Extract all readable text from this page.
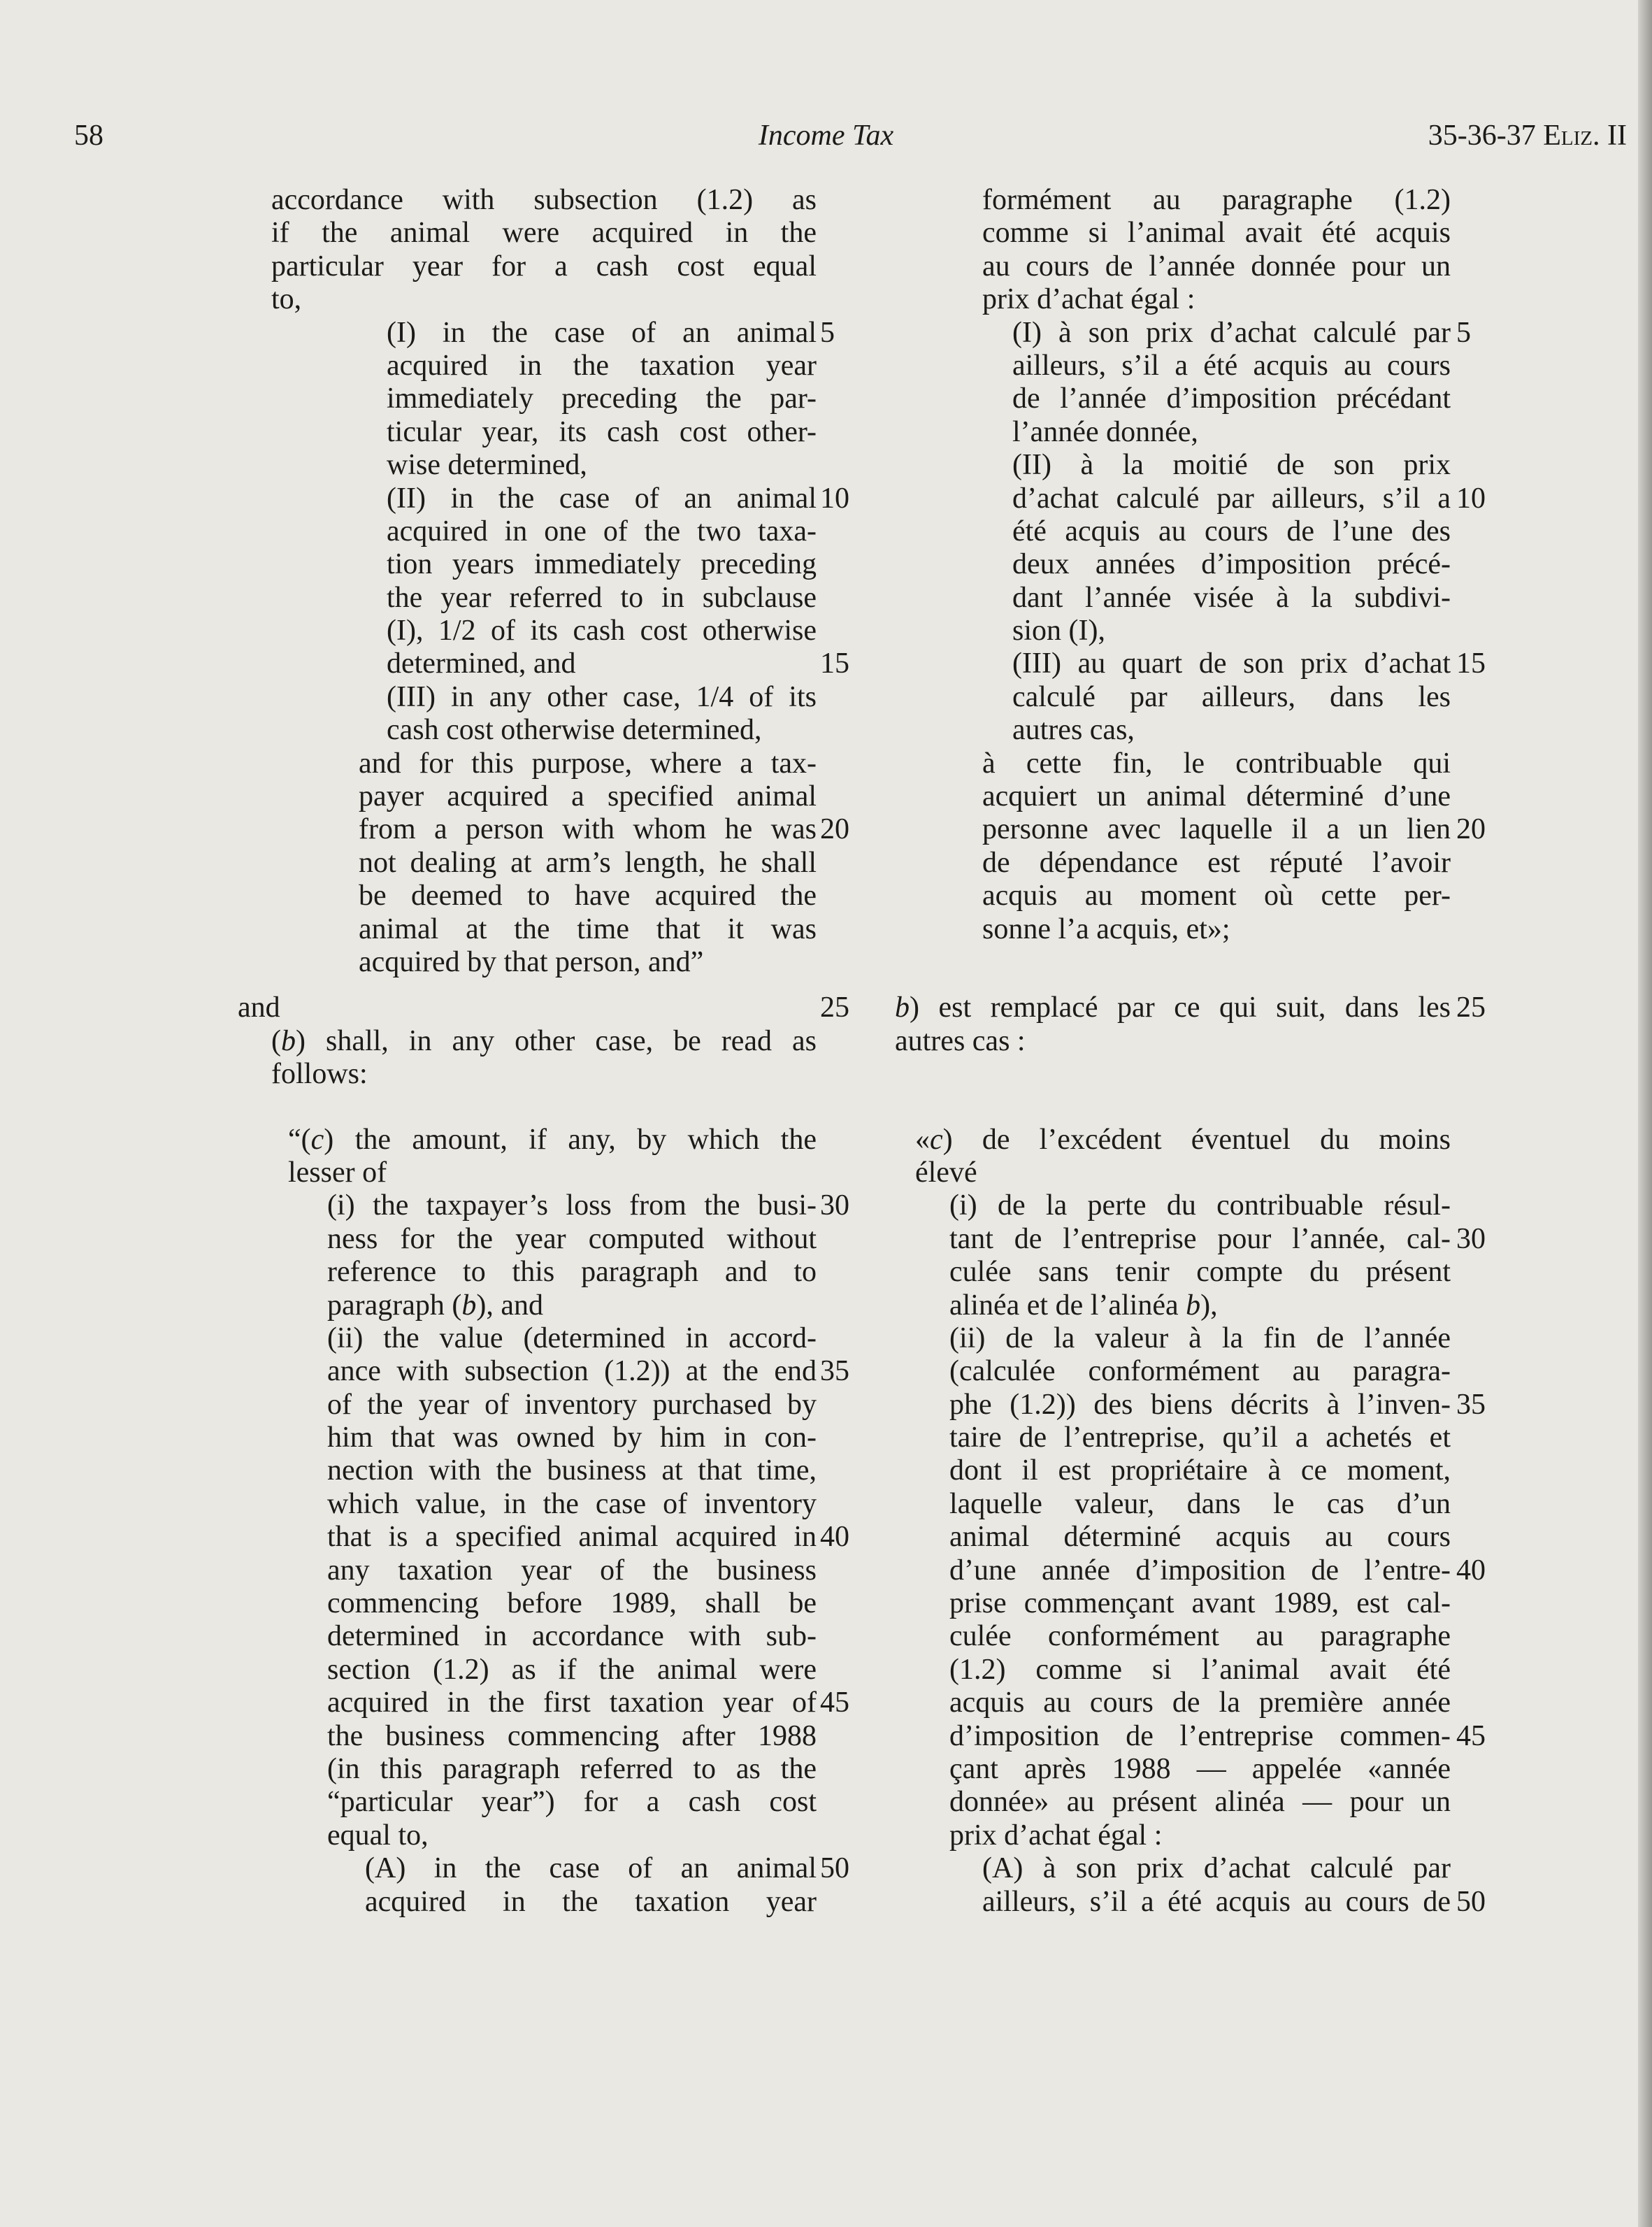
58	Income Tax	35-36-37 Eliz. II
accordance with subsection (1.2) as
if the animal were acquired in the
particular year for a cash cost equal
to,
(I) in the case of an animal 5
acquired in the taxation year
immediately preceding the par-
ticular year, its cash cost other-
wise determined,
(II) in the case of an animal 10
acquired in one of the two taxa-
tion years immediately preceding
the year referred to in subclause
(I), 1/2 of its cash cost otherwise
determined, and	15
(III) in any other case, 1/4 of its
cash cost otherwise determined,
and for this purpose, where a tax-
payer acquired a specified animal
from a person with whom he was 20
not dealing at arm’s length, he shall
be deemed to have acquired the
animal at the time that it was
acquired by that person, and”
and	25
(b) shall, in any other case, be read as
follows:
“(c) the amount, if any, by which the
lesser of
(i) the taxpayer’s loss from the busi- 30
ness for the year computed without
reference to this paragraph and to
paragraph (b), and
(ii) the value (determined in accord-
ance with subsection (1.2)) at the end 35
of the year of inventory purchased by
him that was owned by him in con-
nection with the business at that time,
which value, in the case of inventory
that is a specified animal acquired in 40
any taxation year of the business
commencing before 1989, shall be
determined in accordance with sub-
section (1.2) as if the animal were
acquired in the first taxation year of 45
the business commencing after 1988
(in this paragraph referred to as the
“particular year”) for a cash cost
equal to,
(A) in the case of an animal 50
acquired in the taxation year
formément au paragraphe (1.2)
comme si l’animal avait été acquis
au cours de l’année donnée pour un
prix d’achat égal :
(I) à son prix d’achat calculé par 5
ailleurs, s’il a été acquis au cours
de l’année d’imposition précédant
l’année donnée,
(II) à la moitié de son prix
d’achat calculé par ailleurs, s’il a 10
été acquis au cours de l’une des
deux années d’imposition précé-
dant l’année visée à la subdivi-
sion (I),
(III) au quart de son prix d’achat 15
calculé par ailleurs, dans les
autres cas,
à cette fin, le contribuable qui
acquiert un animal déterminé d’une
personne avec laquelle il a un lien 20
de dépendance est réputé l’avoir
acquis au moment où cette per-
sonne l’a acquis, et»;
b) est remplacé par ce qui suit, dans les 25
autres cas :
«c) de l’excédent éventuel du moins
élevé
(i) de la perte du contribuable résul-
tant de l’entreprise pour l’année, cal- 30
culée sans tenir compte du présent
alinéa et de l’alinéa b),
(ii) de la valeur à la fin de l’année
(calculée conformément au paragra-
phe (1.2)) des biens décrits à l’inven- 35
taire de l’entreprise, qu’il a achetés et
dont il est propriétaire à ce moment,
laquelle valeur, dans le cas d’un
animal déterminé acquis au cours
d’une année d’imposition de l’entre- 40
prise commençant avant 1989, est cal-
culée conformément au paragraphe
(1.2) comme si l’animal avait été
acquis au cours de la première année
d’imposition de l’entreprise commen- 45
çant après 1988 — appelée «année
donnée» au présent alinéa — pour un
prix d’achat égal :
(A) à son prix d’achat calculé par
ailleurs, s’il a été acquis au cours de 50
